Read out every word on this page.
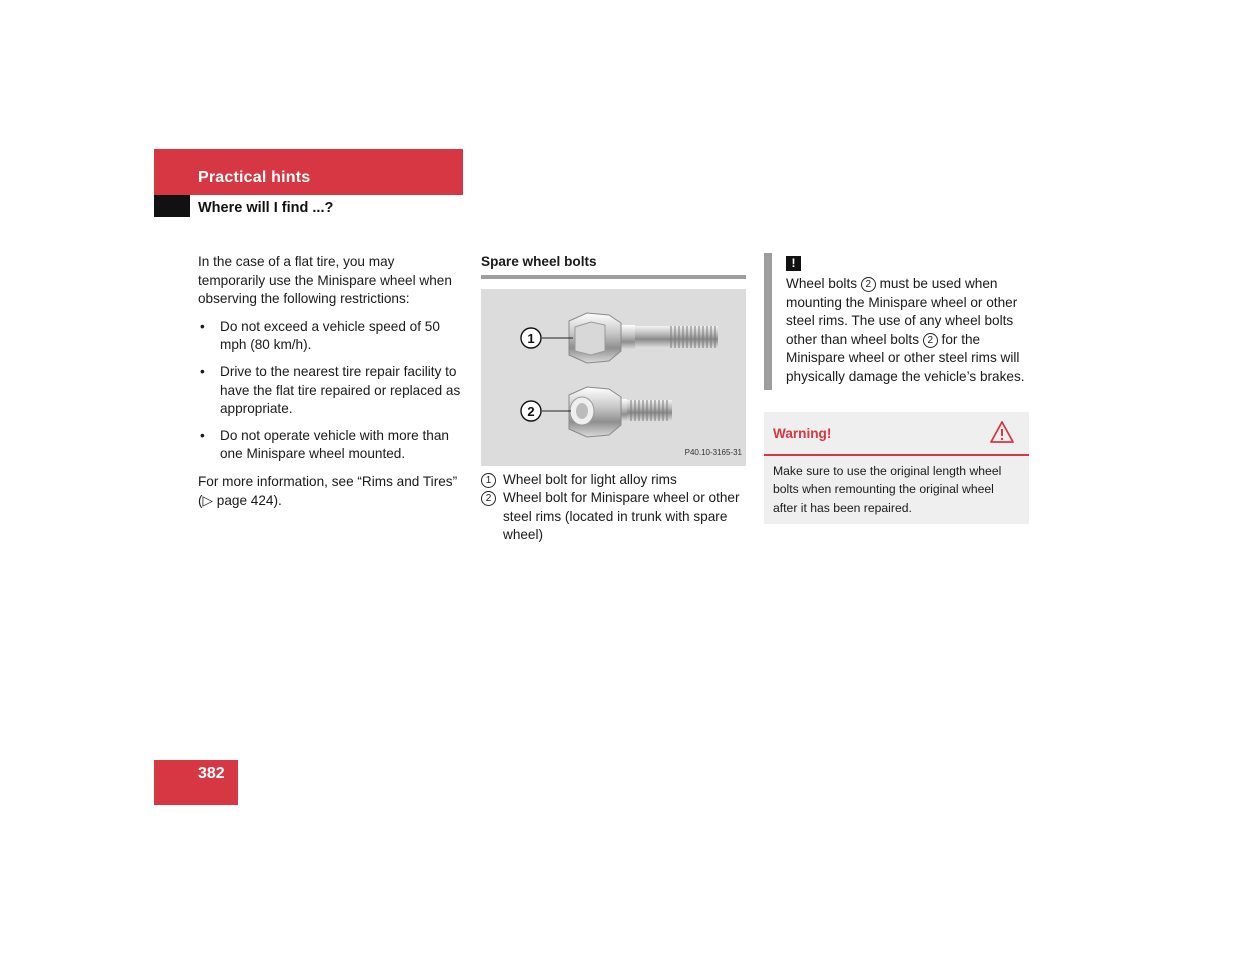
Practical hints
Where will I find ...?

In the case of a flat tire, you may temporarily use the Minispare wheel when observing the following restrictions:

• Do not exceed a vehicle speed of 50 mph (80 km/h).
• Drive to the nearest tire repair facility to have the flat tire repaired or replaced as appropriate.
• Do not operate vehicle with more than one Minispare wheel mounted.

For more information, see “Rims and Tires” (▷ page 424).

Spare wheel bolts
1
2
P40.10-3165-31
1 Wheel bolt for light alloy rims
2 Wheel bolt for Minispare wheel or other steel rims (located in trunk with spare wheel)
!
Wheel bolts 2 must be used when mounting the Minispare wheel or other steel rims. The use of any wheel bolts other than wheel bolts 2 for the Minispare wheel or other steel rims will physically damage the vehicle’s brakes.
Warning!
Make sure to use the original length wheel bolts when remounting the original wheel after it has been repaired.
382
